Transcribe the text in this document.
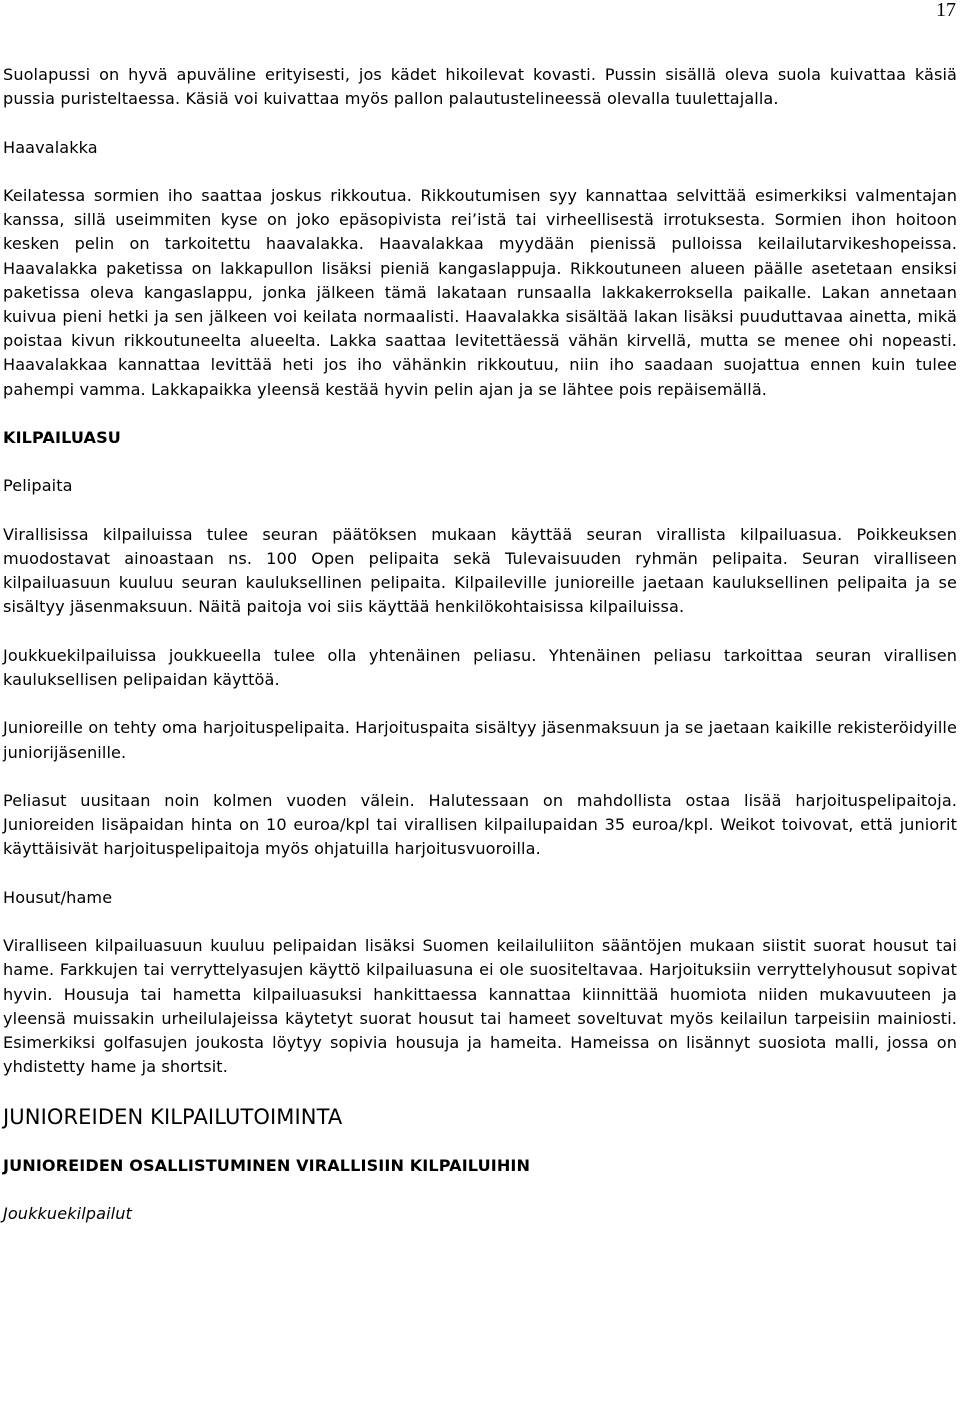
17

Suolapussi on hyvä apuväline erityisesti, jos kädet hikoilevat kovasti. Pussin sisällä oleva suola kuivattaa käsiä pussia puristeltaessa. Käsiä voi kuivattaa myös pallon palautustelineessä olevalla tuulettajalla.

Haavalakka

Keilatessa sormien iho saattaa joskus rikkoutua. Rikkoutumisen syy kannattaa selvittää esimerkiksi valmentajan kanssa, sillä useimmiten kyse on joko epäsopivista rei’istä tai virheellisestä irrotuksesta. Sormien ihon hoitoon kesken pelin on tarkoitettu haavalakka. Haavalakkaa myydään pienissä pulloissa keilailutarvikeshopeissa. Haavalakka paketissa on lakkapullon lisäksi pieniä kangaslappuja. Rikkoutuneen alueen päälle asetetaan ensiksi paketissa oleva kangaslappu, jonka jälkeen tämä lakataan runsaalla lakkakerroksella paikalle. Lakan annetaan kuivua pieni hetki ja sen jälkeen voi keilata normaalisti. Haavalakka sisältää lakan lisäksi puuduttavaa ainetta, mikä poistaa kivun rikkoutuneelta alueelta. Lakka saattaa levitettäessä vähän kirvellä, mutta se menee ohi nopeasti. Haavalakkaa kannattaa levittää heti jos iho vähänkin rikkoutuu, niin iho saadaan suojattua ennen kuin tulee pahempi vamma. Lakkapaikka yleensä kestää hyvin pelin ajan ja se lähtee pois repäisemällä.

KILPAILUASU

Pelipaita

Virallisissa kilpailuissa tulee seuran päätöksen mukaan käyttää seuran virallista kilpailuasua. Poikkeuksen muodostavat ainoastaan ns. 100 Open pelipaita sekä Tulevaisuuden ryhmän pelipaita. Seuran viralliseen kilpailuasuun kuuluu seuran kauluksellinen pelipaita. Kilpaileville junioreille jaetaan kauluksellinen pelipaita ja se sisältyy jäsenmaksuun. Näitä paitoja voi siis käyttää henkilökohtaisissa kilpailuissa.

Joukkuekilpailuissa joukkueella tulee olla yhtenäinen peliasu. Yhtenäinen peliasu tarkoittaa seuran virallisen kauluksellisen pelipaidan käyttöä.

Junioreille on tehty oma harjoituspelipaita. Harjoituspaita sisältyy jäsenmaksuun ja se jaetaan kaikille rekisteröidyille juniorijäsenille.

Peliasut uusitaan noin kolmen vuoden välein. Halutessaan on mahdollista ostaa lisää harjoituspelipaitoja. Junioreiden lisäpaidan hinta on 10 euroa/kpl tai virallisen kilpailupaidan 35 euroa/kpl. Weikot toivovat, että juniorit käyttäisivät harjoituspelipaitoja myös ohjatuilla harjoitusvuoroilla.

Housut/hame

Viralliseen kilpailuasuun kuuluu pelipaidan lisäksi Suomen keilailuliiton sääntöjen mukaan siistit suorat housut tai hame. Farkkujen tai verryttelyasujen käyttö kilpailuasuna ei ole suositeltavaa. Harjoituksiin verryttelyhousut sopivat hyvin. Housuja tai hametta kilpailuasuksi hankittaessa kannattaa kiinnittää huomiota niiden mukavuuteen ja yleensä muissakin urheilulajeissa käytetyt suorat housut tai hameet soveltuvat myös keilailun tarpeisiin mainiosti. Esimerkiksi golfasujen joukosta löytyy sopivia housuja ja hameita. Hameissa on lisännyt suosiota malli, jossa on yhdistetty hame ja shortsit.

JUNIOREIDEN KILPAILUTOIMINTA

JUNIOREIDEN OSALLISTUMINEN VIRALLISIIN KILPAILUIHIN

Joukkuekilpailut
